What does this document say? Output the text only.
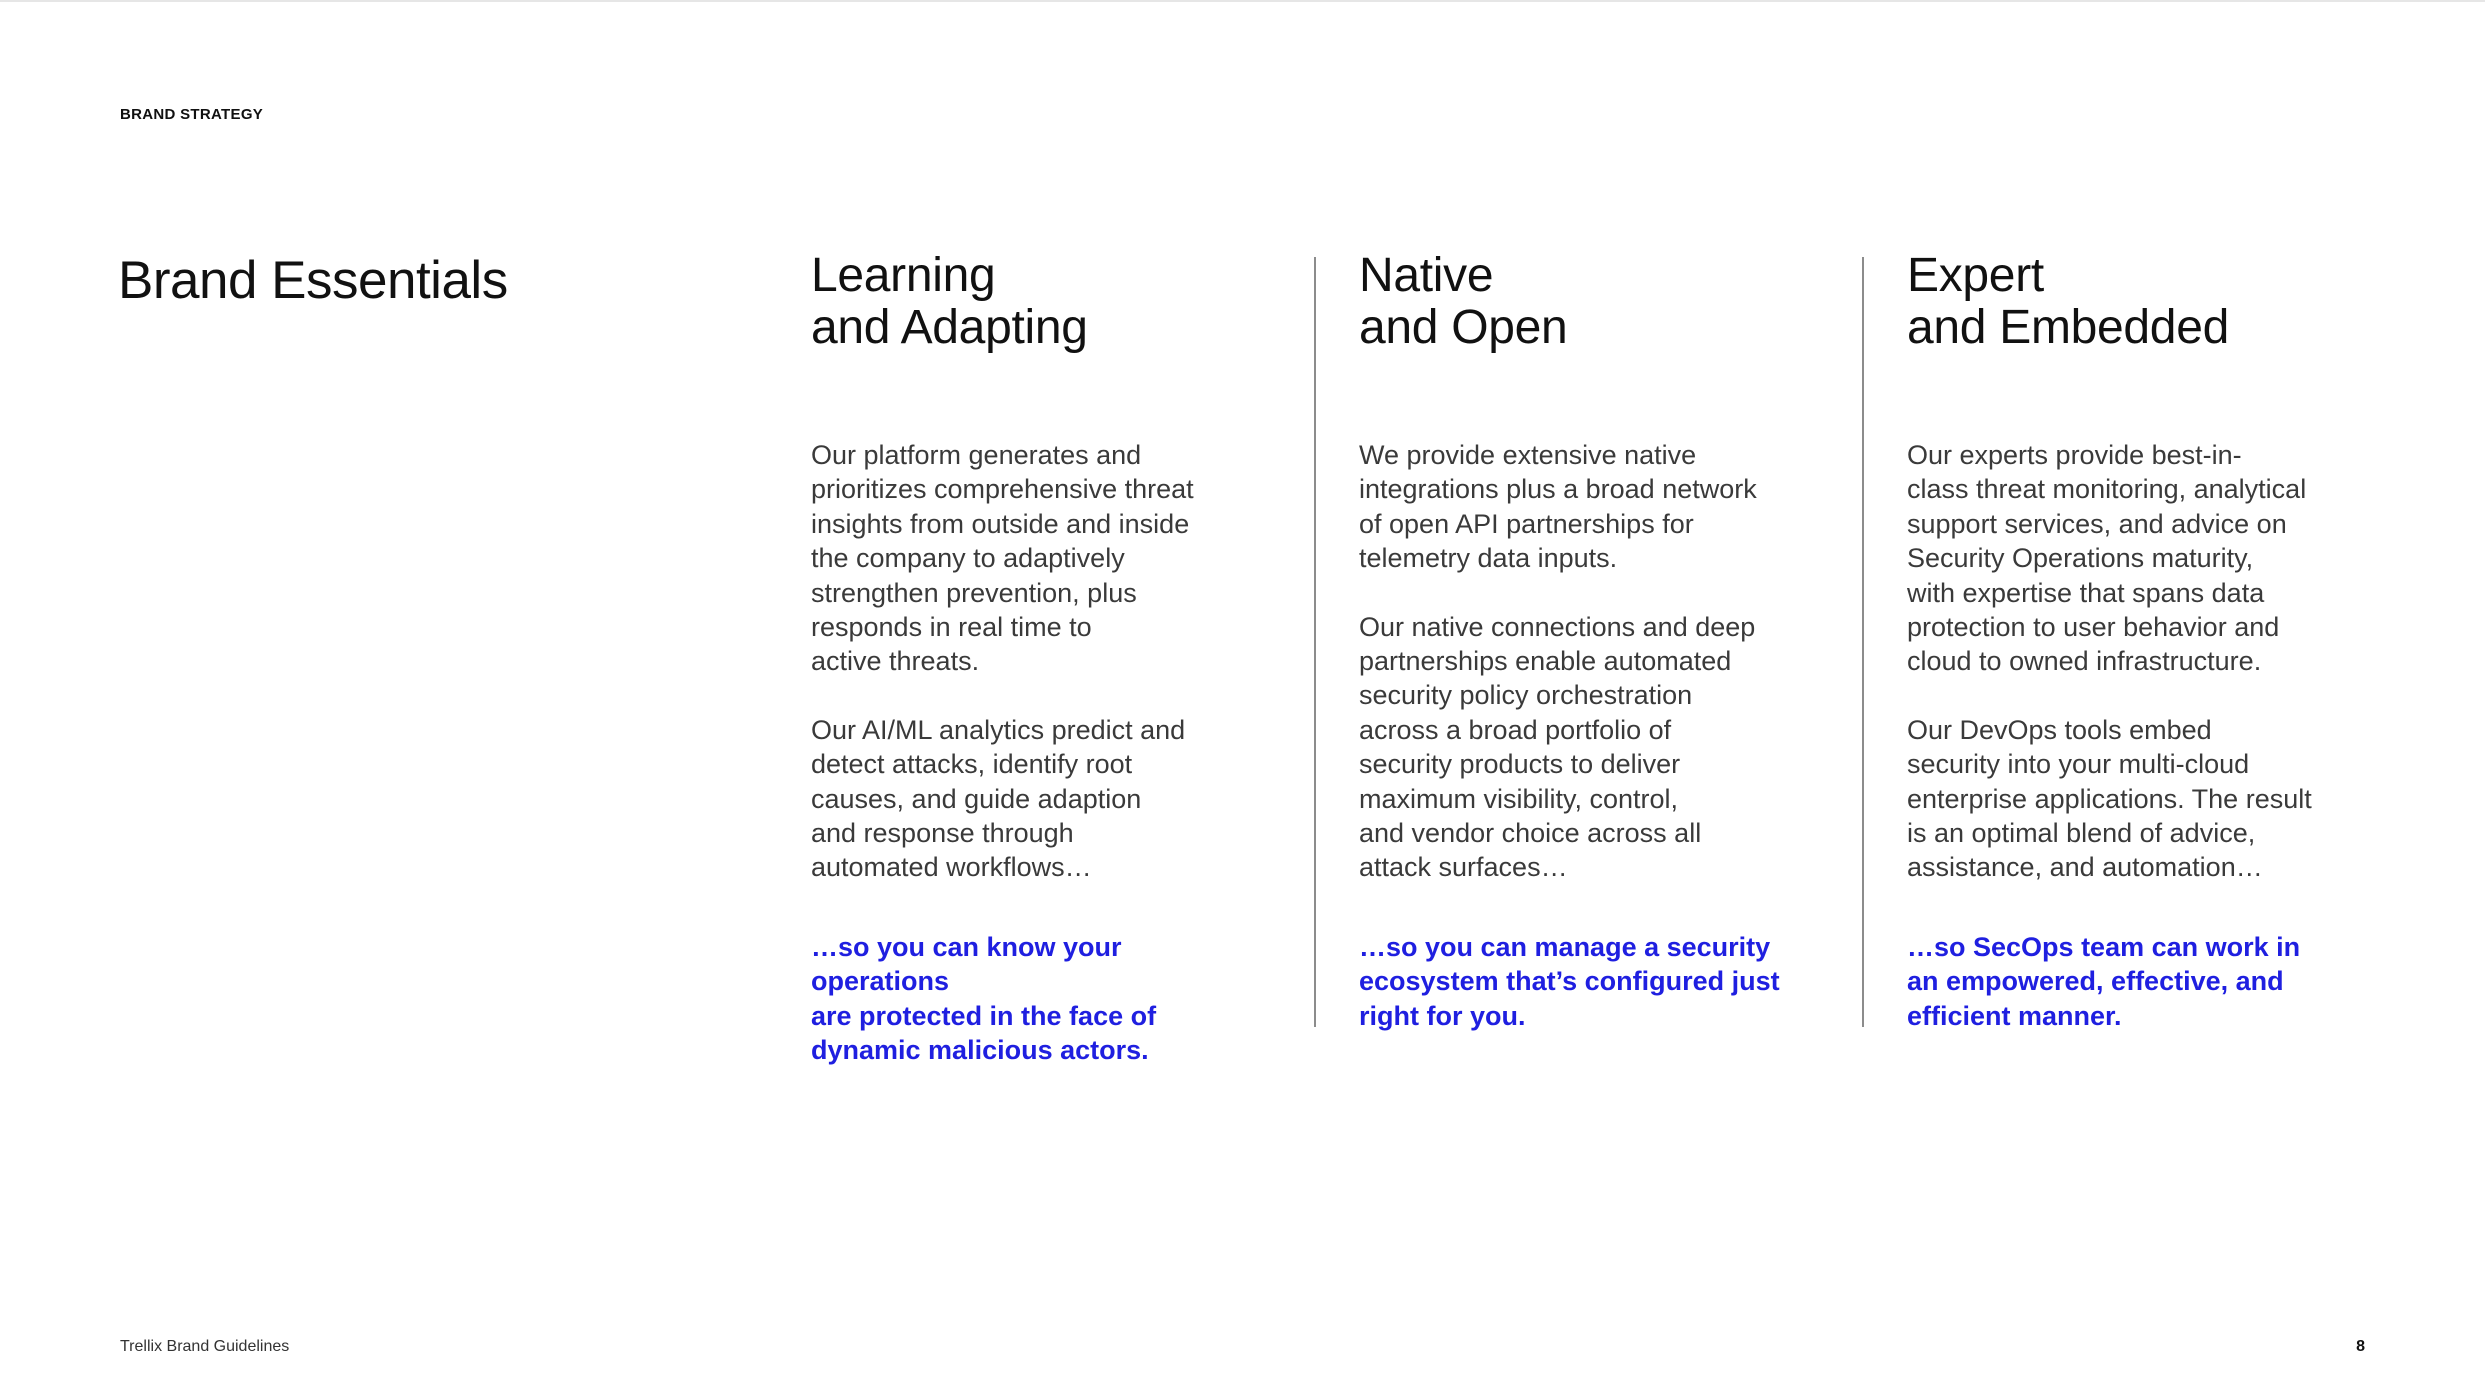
BRAND STRATEGY
Brand Essentials	Learning
and Adapting

Our platform generates and
prioritizes comprehensive threat
insights from outside and inside
the company to adaptively
strengthen prevention, plus
responds in real time to
active threats.

Our AI/ML analytics predict and
detect attacks, identify root
causes, and guide adaption
and response through
automated workflows…

…so you can know your operations
are protected in the face of
dynamic malicious actors.

Native
and Open

We provide extensive native
integrations plus a broad network
of open API partnerships for
telemetry data inputs.

Our native connections and deep
partnerships enable automated
security policy orchestration
across a broad portfolio of
security products to deliver
maximum visibility, control,
and vendor choice across all
attack surfaces…

…so you can manage a security
ecosystem that’s configured just
right for you.

Expert
and Embedded

Our experts provide best-in-
class threat monitoring, analytical
support services, and advice on
Security Operations maturity,
with expertise that spans data
protection to user behavior and
cloud to owned infrastructure.

Our DevOps tools embed
security into your multi-cloud
enterprise applications. The result
is an optimal blend of advice,
assistance, and automation…

…so SecOps team can work in
an empowered, effective, and
efficient manner.

Trellix Brand Guidelines	8
